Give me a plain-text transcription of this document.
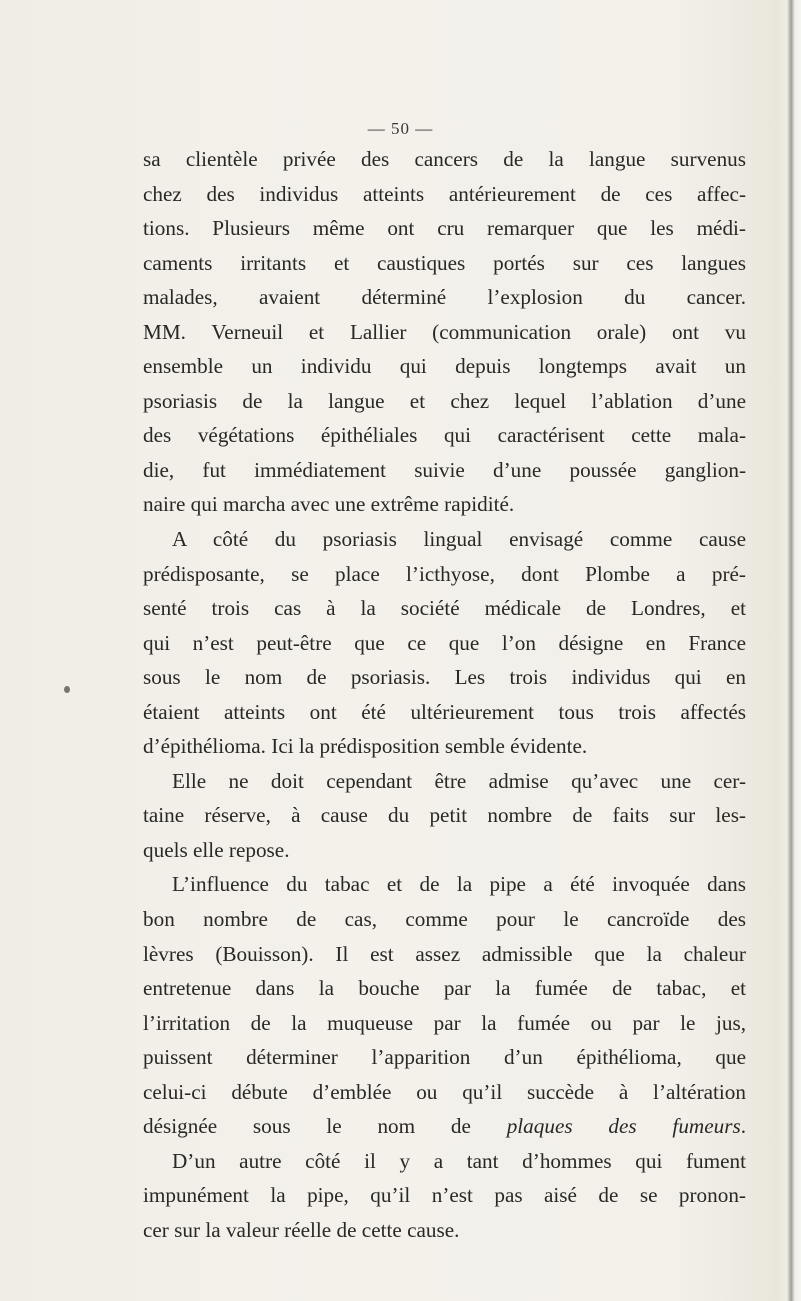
— 50 —
sa clientèle privée des cancers de la langue survenus
chez des individus atteints antérieurement de ces affec-
tions. Plusieurs même ont cru remarquer que les médi-
caments irritants et caustiques portés sur ces langues
malades, avaient déterminé l’explosion du cancer.
MM. Verneuil et Lallier (communication orale) ont vu
ensemble un individu qui depuis longtemps avait un
psoriasis de la langue et chez lequel l’ablation d’une
des végétations épithéliales qui caractérisent cette mala-
die, fut immédiatement suivie d’une poussée ganglion-
naire qui marcha avec une extrême rapidité.
A côté du psoriasis lingual envisagé comme cause
prédisposante, se place l’icthyose, dont Plombe a pré-
senté trois cas à la société médicale de Londres, et
qui n’est peut-être que ce que l’on désigne en France
sous le nom de psoriasis. Les trois individus qui en
étaient atteints ont été ultérieurement tous trois affectés
d’épithélioma. Ici la prédisposition semble évidente.
Elle ne doit cependant être admise qu’avec une cer-
taine réserve, à cause du petit nombre de faits sur les-
quels elle repose.
L’influence du tabac et de la pipe a été invoquée dans
bon nombre de cas, comme pour le cancroïde des
lèvres (Bouisson). Il est assez admissible que la chaleur
entretenue dans la bouche par la fumée de tabac, et
l’irritation de la muqueuse par la fumée ou par le jus,
puissent déterminer l’apparition d’un épithélioma, que
celui-ci débute d’emblée ou qu’il succède à l’altération
désignée sous le nom de plaques des fumeurs.
D’un autre côté il y a tant d’hommes qui fument
impunément la pipe, qu’il n’est pas aisé de se pronon-
cer sur la valeur réelle de cette cause.
